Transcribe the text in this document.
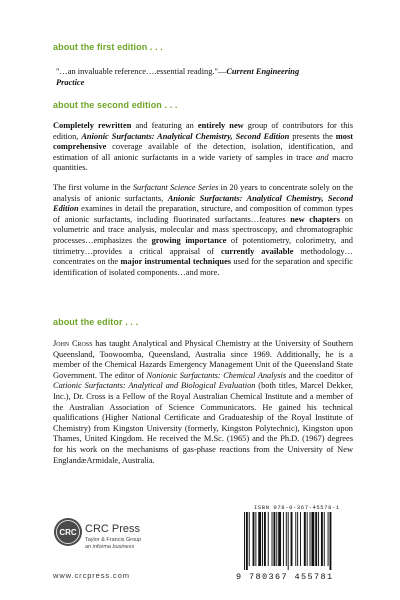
about the first edition . . .
"…an invaluable reference….essential reading."—Current Engineering
Practice
about the second edition . . .
Completely rewritten and featuring an entirely new group of contributors for this edition, Anionic Surfactants: Analytical Chemistry, Second Edition presents the most comprehensive coverage available of the detection, isolation, identification, and estimation of all anionic surfactants in a wide variety of samples in trace and macro quantities.
The first volume in the Surfactant Science Series in 20 years to concentrate solely on the analysis of anionic surfactants, Anionic Surfactants: Analytical Chemistry, Second Edition examines in detail the preparation, structure, and composition of common types of anionic surfactants, including fluorinated surfactants…features new chapters on volumetric and trace analysis, molecular and mass spectroscopy, and chromatographic processes…emphasizes the growing importance of potentiometry, colorimetry, and titrimetry…provides a critical appraisal of currently available methodology…concentrates on the major instrumental techniques used for the separation and specific identification of isolated components…and more.
about the editor . . .
John Cross has taught Analytical and Physical Chemistry at the University of Southern Queensland, Toowoomba, Queensland, Australia since 1969. Additionally, he is a member of the Chemical Hazards Emergency Management Unit of the Queensland State Government. The editor of Nonionic Surfactants: Chemical Analysis and the coeditor of Cationic Surfactants: Analytical and Biological Evaluation (both titles, Marcel Dekker, Inc.), Dr. Cross is a Fellow of the Royal Australian Chemical Institute and a member of the Australian Association of Science Communicators. He gained his technical qualifications (Higher National Certificate and Graduateship of the Royal Institute of Chemistry) from Kingston University (formerly, Kingston Polytechnic), Kingston upon Thames, United Kingdom. He received the M.Sc. (1965) and the Ph.D. (1967) degrees for his work on the mechanisms of gas-phase reactions from the University of New EnglandæArmidale, Australia.
CRC CRC Press
Taylor & Francis Group
an informa business
www.crcpress.com
ISBN 978-0-367-45578-1
9 780367 455781
